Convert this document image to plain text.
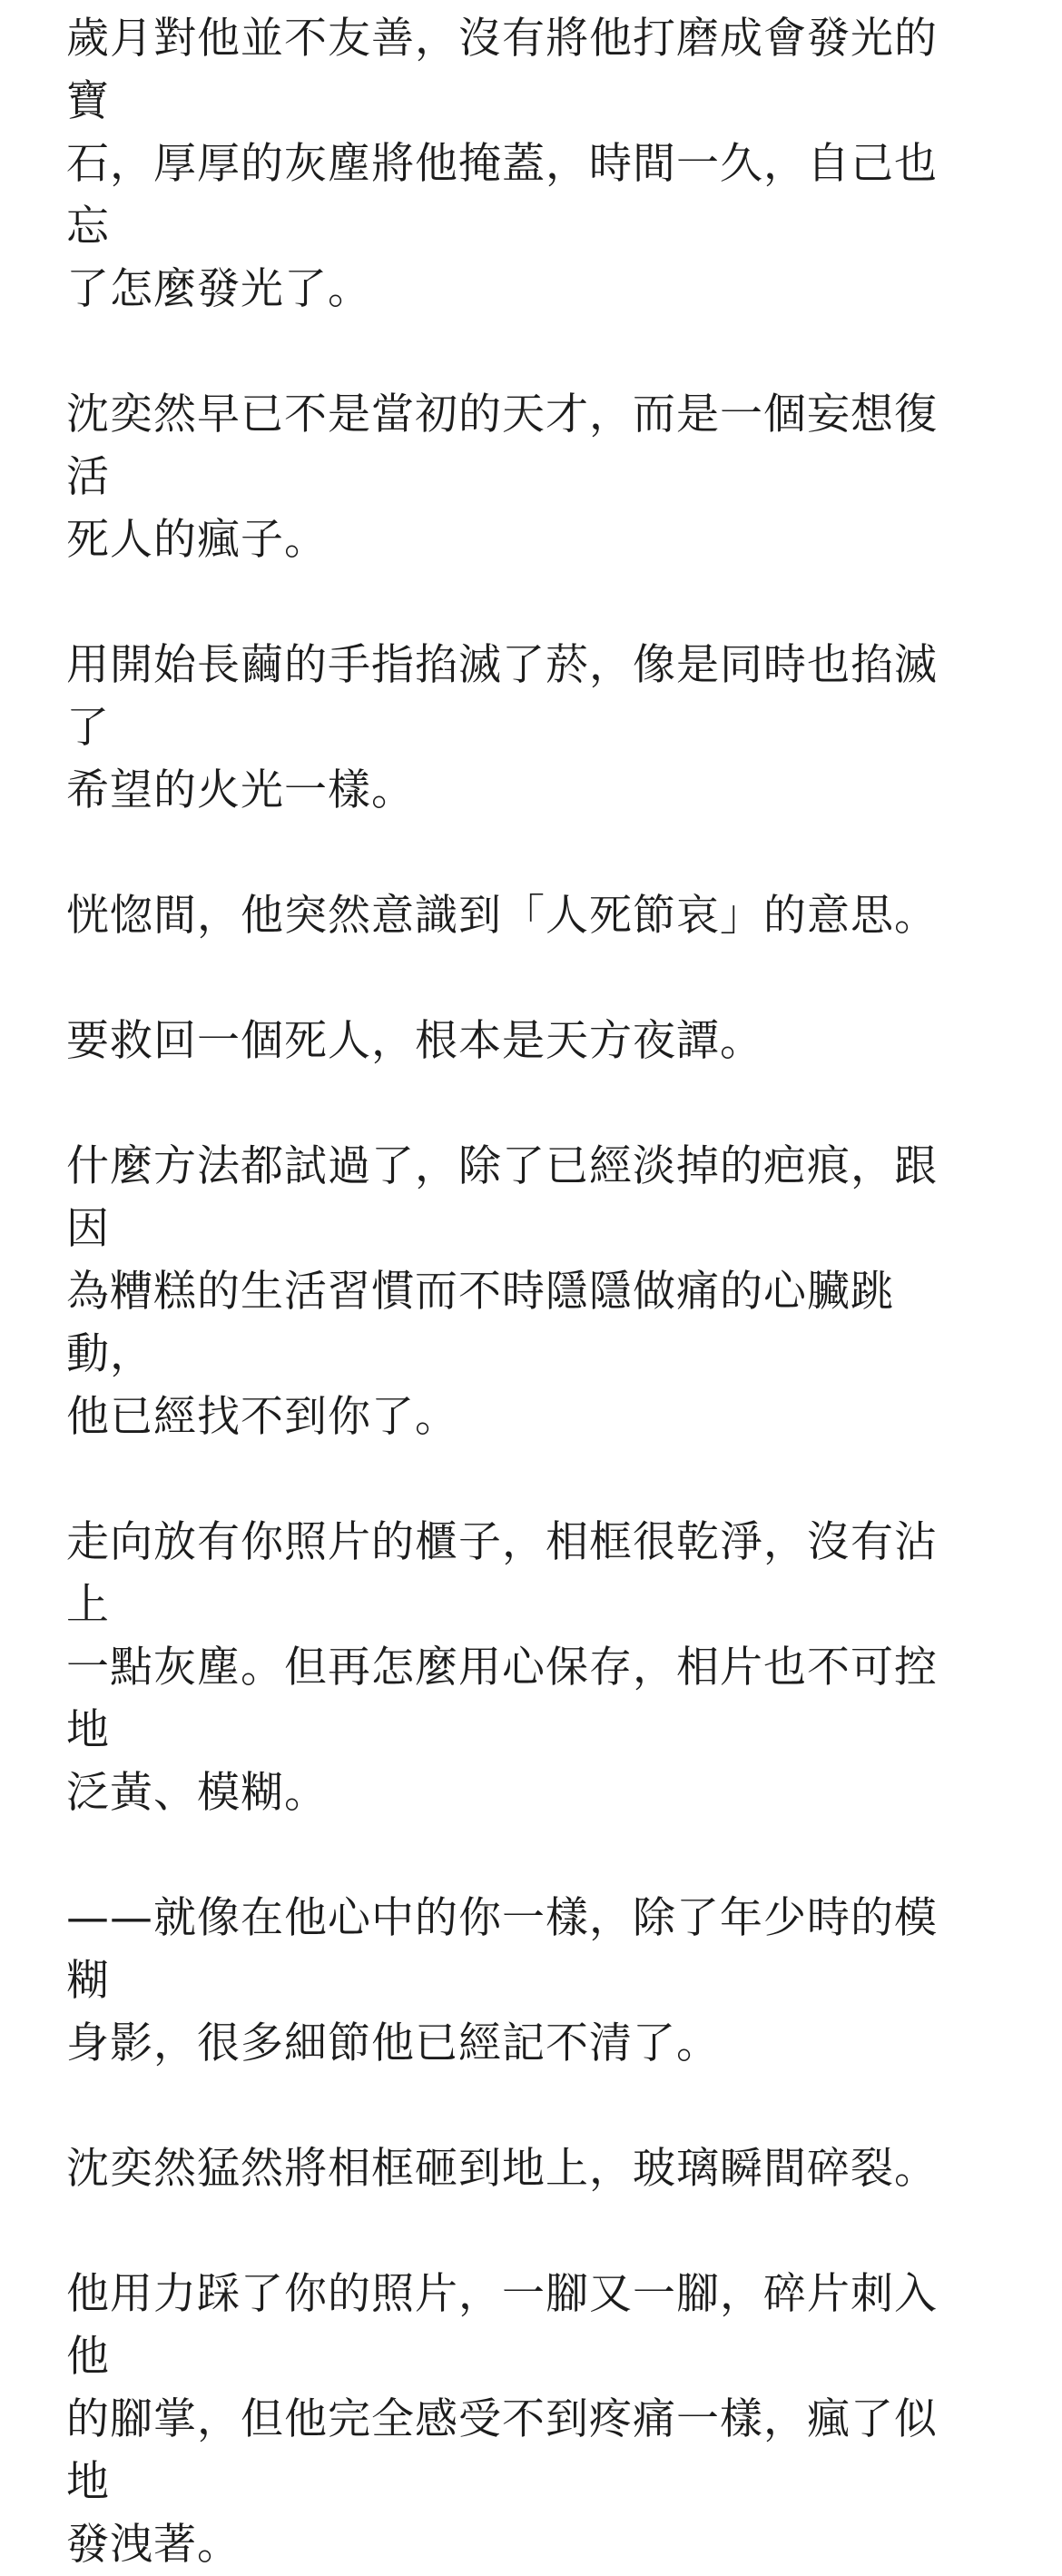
歲月對他並不友善，沒有將他打磨成會發光的寶
石，厚厚的灰塵將他掩蓋，時間一久，自己也忘
了怎麼發光了。

沈奕然早已不是當初的天才，而是一個妄想復活
死人的瘋子。

用開始長繭的手指掐滅了菸，像是同時也掐滅了
希望的火光一樣。

恍惚間，他突然意識到「人死節哀」的意思。

要救回一個死人，根本是天方夜譚。

什麼方法都試過了，除了已經淡掉的疤痕，跟因
為糟糕的生活習慣而不時隱隱做痛的心臟跳動，
他已經找不到你了。

走向放有你照片的櫃子，相框很乾淨，沒有沾上
一點灰塵。但再怎麼用心保存，相片也不可控地
泛黃、模糊。

——就像在他心中的你一樣，除了年少時的模糊
身影，很多細節他已經記不清了。

沈奕然猛然將相框砸到地上，玻璃瞬間碎裂。

他用力踩了你的照片，一腳又一腳，碎片刺入他
的腳掌，但他完全感受不到疼痛一樣，瘋了似地
發洩著。
